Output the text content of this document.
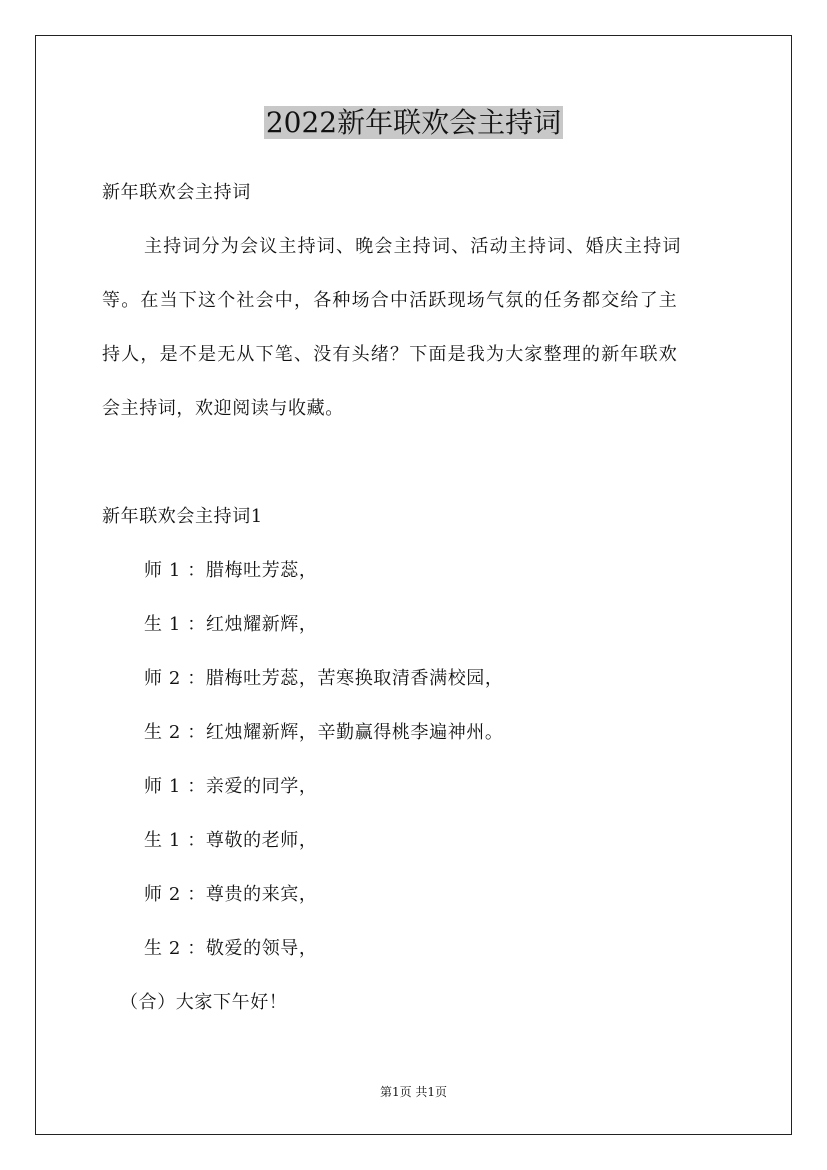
2022新年联欢会主持词

新年联欢会主持词

主持词分为会议主持词、晚会主持词、活动主持词、婚庆主持词

等。在当下这个社会中，各种场合中活跃现场气氛的任务都交给了主

持人，是不是无从下笔、没有头绪？下面是我为大家整理的新年联欢

会主持词，欢迎阅读与收藏。

新年联欢会主持词1

师 1 ：腊梅吐芳蕊，

生 1 ：红烛耀新辉，

师 2 ：腊梅吐芳蕊，苦寒换取清香满校园，

生 2 ：红烛耀新辉，辛勤赢得桃李遍神州。

师 1 ：亲爱的同学，

生 1 ：尊敬的老师，

师 2 ：尊贵的来宾，

生 2 ：敬爱的领导，

（合）大家下午好！

第1页 共1页
